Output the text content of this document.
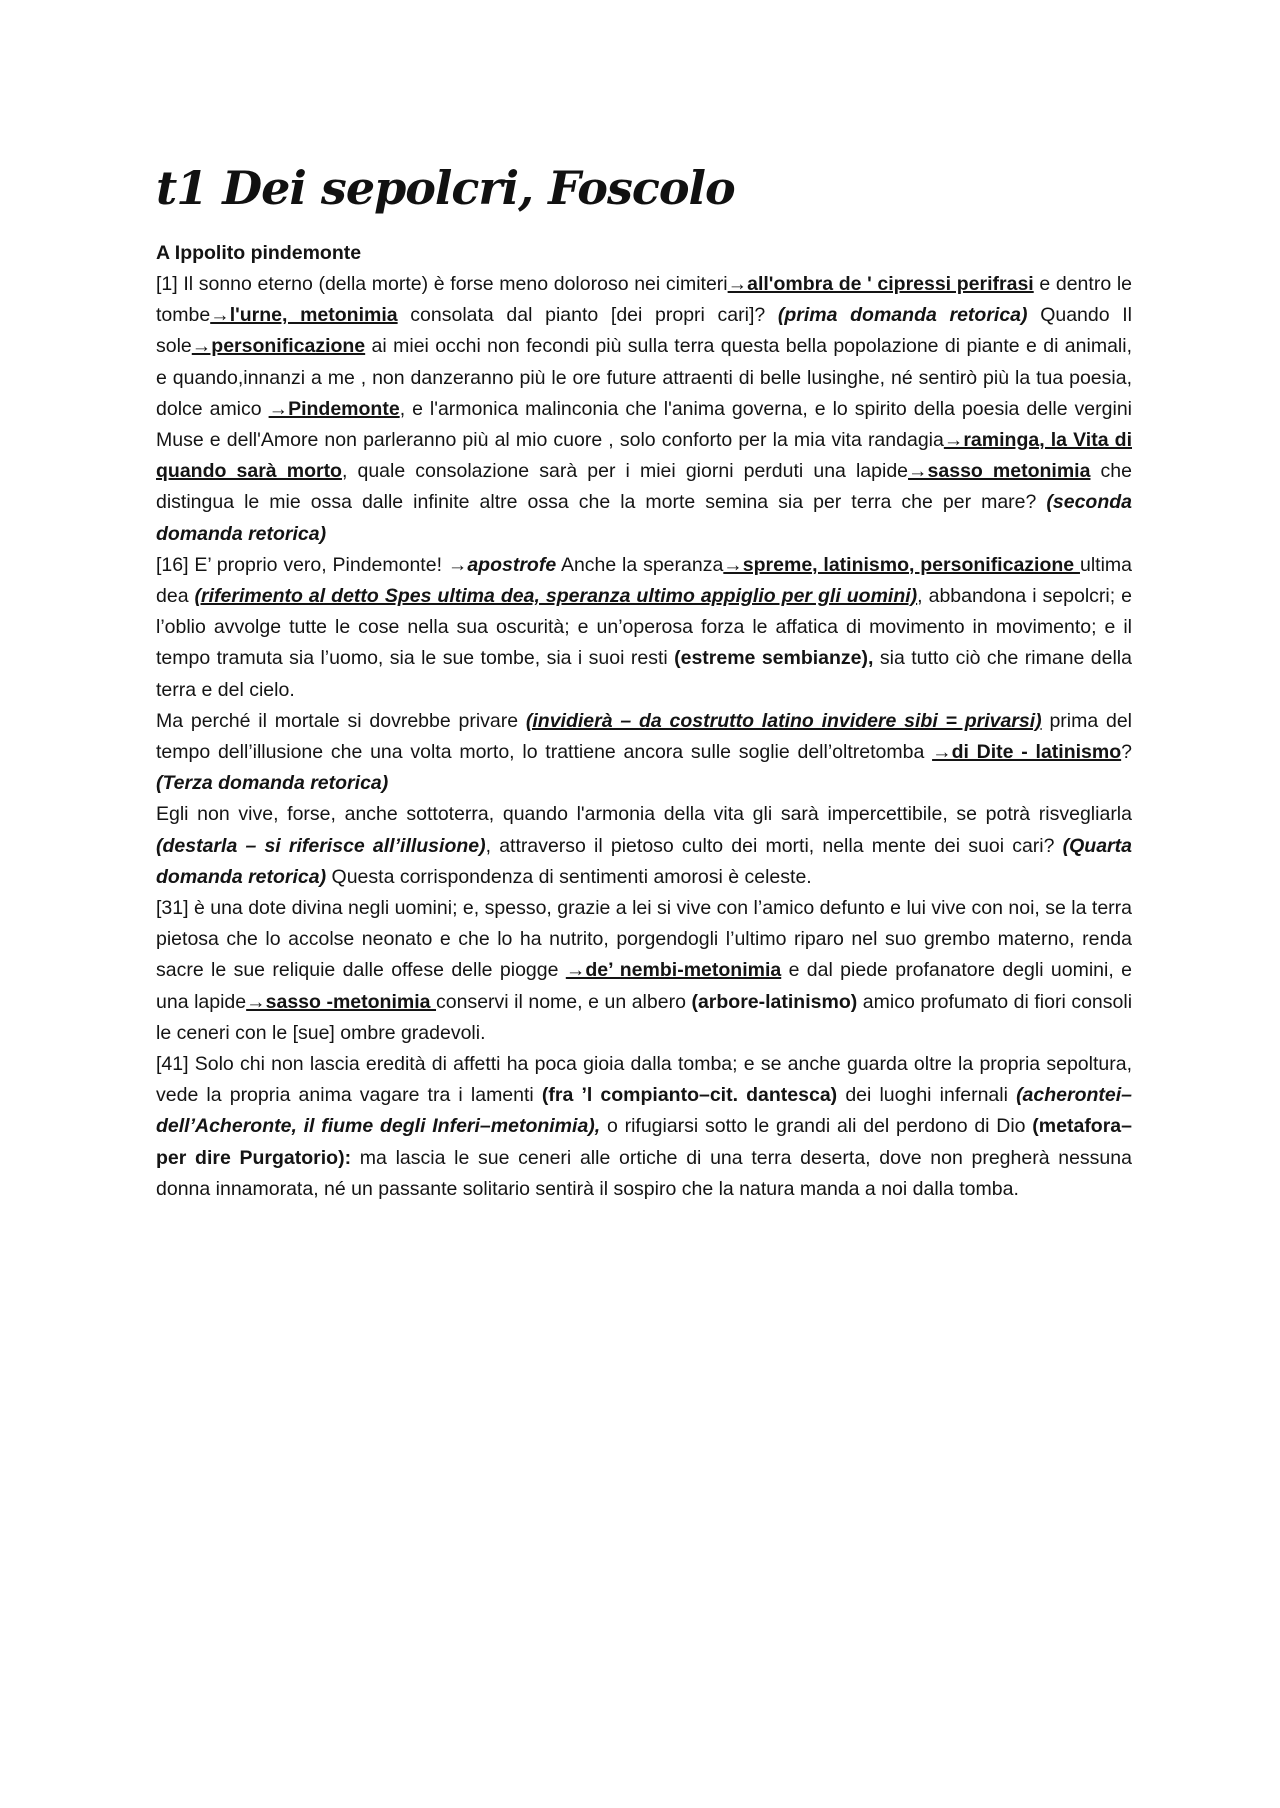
t1 Dei sepolcri, Foscolo

A Ippolito pindemonte

[1] Il sonno eterno (della morte) è forse meno doloroso nei cimiteri→all'ombra de ' cipressi perifrasi e dentro le tombe→l'urne, metonimia consolata dal pianto [dei propri cari]? (prima domanda retorica) Quando Il sole→personificazione ai miei occhi non fecondi più sulla terra questa bella popolazione di piante e di animali, e quando,innanzi a me , non danzeranno più le ore future attraenti di belle lusinghe, né sentirò più la tua poesia, dolce amico →Pindemonte, e l'armonica malinconia che l'anima governa, e lo spirito della poesia delle vergini Muse e dell'Amore non parleranno più al mio cuore , solo conforto per la mia vita randagia→raminga, la Vita di quando sarà morto, quale consolazione sarà per i miei giorni perduti una lapide→sasso metonimia che distingua le mie ossa dalle infinite altre ossa che la morte semina sia per terra che per mare? (seconda domanda retorica)

[16] E’ proprio vero, Pindemonte! →apostrofe Anche la speranza→spreme, latinismo, personificazione ultima dea (riferimento al detto Spes ultima dea, speranza ultimo appiglio per gli uomini), abbandona i sepolcri; e l’oblio avvolge tutte le cose nella sua oscurità; e un’operosa forza le affatica di movimento in movimento; e il tempo tramuta sia l’uomo, sia le sue tombe, sia i suoi resti (estreme sembianze), sia tutto ciò che rimane della terra e del cielo.

Ma perché il mortale si dovrebbe privare (invidierà – da costrutto latino invidere sibi = privarsi) prima del tempo dell’illusione che una volta morto, lo trattiene ancora sulle soglie dell’oltretomba →di Dite - latinismo? (Terza domanda retorica)

Egli non vive, forse, anche sottoterra, quando l'armonia della vita gli sarà impercettibile, se potrà risvegliarla (destarla – si riferisce all’illusione), attraverso il pietoso culto dei morti, nella mente dei suoi cari? (Quarta domanda retorica) Questa corrispondenza di sentimenti amorosi è celeste.

[31] è una dote divina negli uomini; e, spesso, grazie a lei si vive con l’amico defunto e lui vive con noi, se la terra pietosa che lo accolse neonato e che lo ha nutrito, porgendogli l’ultimo riparo nel suo grembo materno, renda sacre le sue reliquie dalle offese delle piogge →de’ nembi-metonimia e dal piede profanatore degli uomini, e una lapide→sasso -metonimia conservi il nome, e un albero (arbore-latinismo) amico profumato di fiori consoli le ceneri con le [sue] ombre gradevoli.

[41] Solo chi non lascia eredità di affetti ha poca gioia dalla tomba; e se anche guarda oltre la propria sepoltura, vede la propria anima vagare tra i lamenti (fra ’l compianto–cit. dantesca) dei luoghi infernali (acherontei–dell’Acheronte, il fiume degli Inferi–metonimia), o rifugiarsi sotto le grandi ali del perdono di Dio (metafora–per dire Purgatorio): ma lascia le sue ceneri alle ortiche di una terra deserta, dove non pregherà nessuna donna innamorata, né un passante solitario sentirà il sospiro che la natura manda a noi dalla tomba.
